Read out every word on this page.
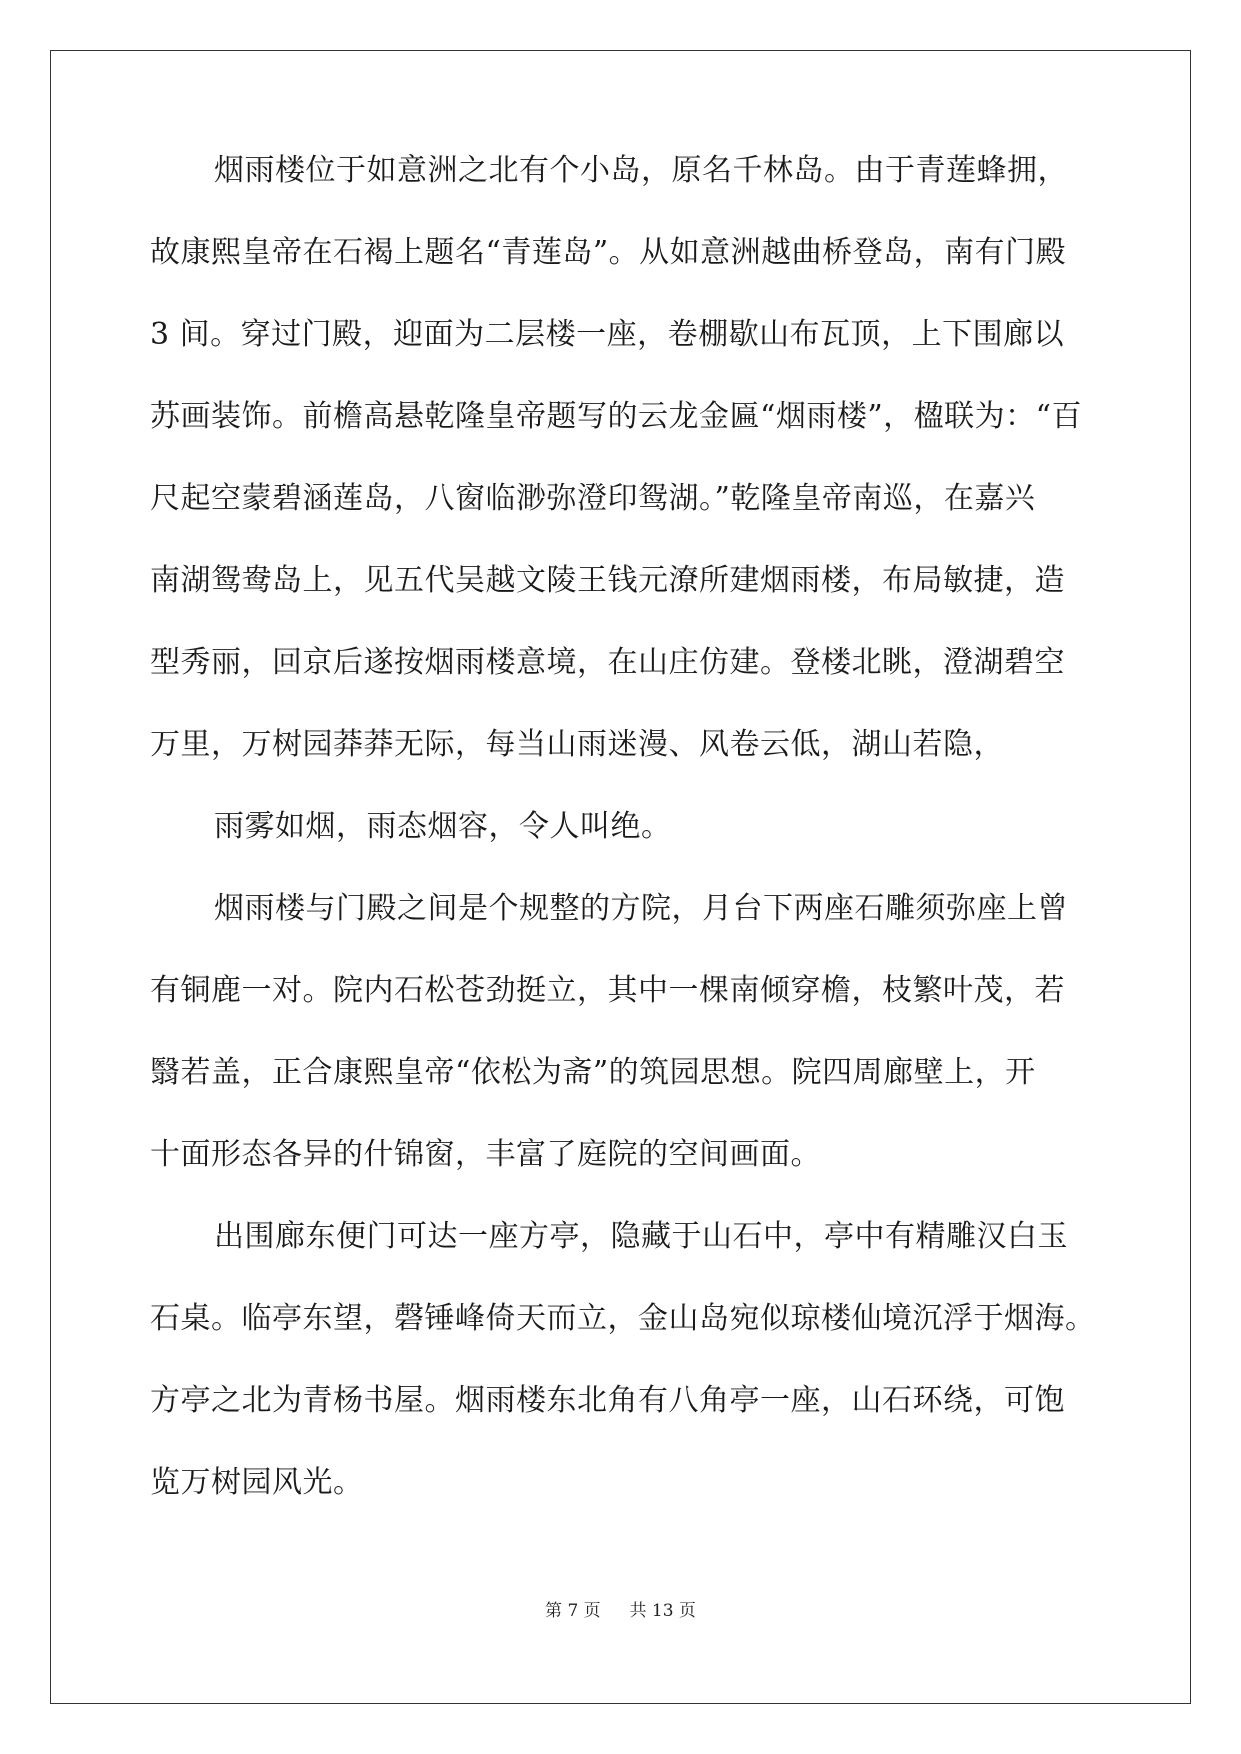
烟雨楼位于如意洲之北有个小岛，原名千林岛。由于青莲蜂拥，
故康熙皇帝在石褐上题名“青莲岛”。从如意洲越曲桥登岛，南有门殿
3 间。穿过门殿，迎面为二层楼一座，卷棚歇山布瓦顶，上下围廊以
苏画装饰。前檐高悬乾隆皇帝题写的云龙金匾“烟雨楼”，楹联为：“百
尺起空蒙碧涵莲岛，八窗临渺弥澄印鸳湖。”乾隆皇帝南巡，在嘉兴
南湖鸳鸯岛上，见五代吴越文陵王钱元潦所建烟雨楼，布局敏捷，造
型秀丽，回京后遂按烟雨楼意境，在山庄仿建。登楼北眺，澄湖碧空
万里，万树园莽莽无际，每当山雨迷漫、风卷云低，湖山若隐，

雨雾如烟，雨态烟容，令人叫绝。

烟雨楼与门殿之间是个规整的方院，月台下两座石雕须弥座上曾
有铜鹿一对。院内石松苍劲挺立，其中一棵南倾穿檐，枝繁叶茂，若
翳若盖，正合康熙皇帝“依松为斋”的筑园思想。院四周廊壁上，开
十面形态各异的什锦窗，丰富了庭院的空间画面。

出围廊东便门可达一座方亭，隐藏于山石中，亭中有精雕汉白玉
石桌。临亭东望，磬锤峰倚天而立，金山岛宛似琼楼仙境沉浮于烟海。
方亭之北为青杨书屋。烟雨楼东北角有八角亭一座，山石环绕，可饱
览万树园风光。

第 7 页 共 13 页
